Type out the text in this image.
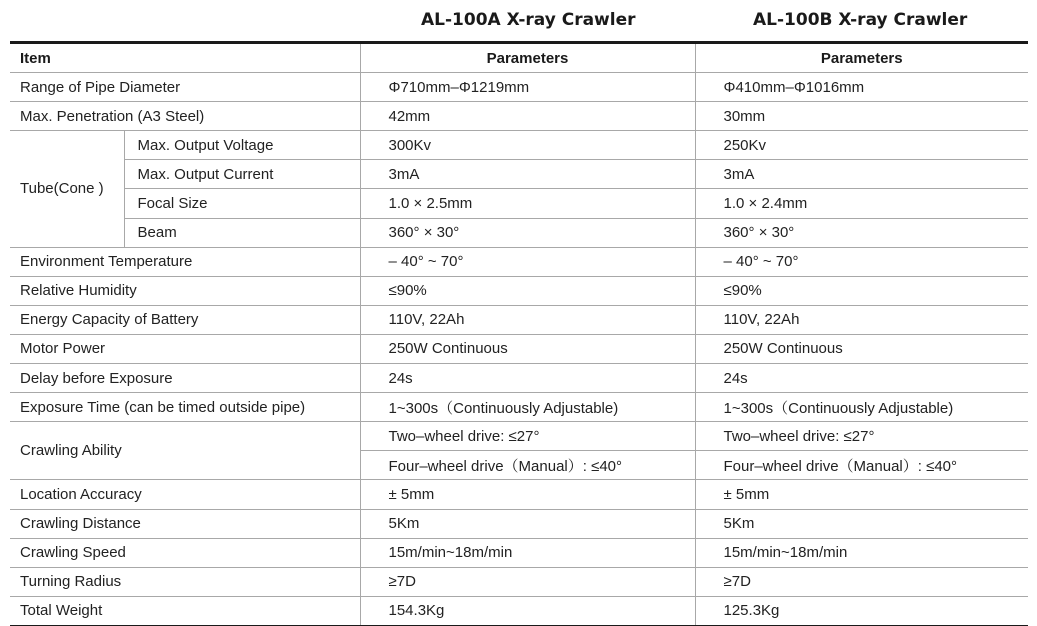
AL-100A X-ray Crawler	AL-100B X-ray Crawler
Item		Parameters	Parameters
Range of Pipe Diameter		Φ710mm–Φ1219mm	Φ410mm–Φ1016mm
Max. Penetration (A3 Steel)		42mm	30mm
Tube(Cone )	Max. Output Voltage	300Kv	250Kv
	Max. Output Current	3mA	3mA
	Focal Size	1.0 × 2.5mm	1.0 × 2.4mm
	Beam	360° × 30°	360° × 30°
Environment Temperature		– 40° ~ 70°	– 40° ~ 70°
Relative Humidity		≤90%	≤90%
Energy Capacity of Battery		110V, 22Ah	110V, 22Ah
Motor Power		250W Continuous	250W Continuous
Delay before Exposure		24s	24s
Exposure Time (can be timed outside pipe)		1~300s（Continuously Adjustable)	1~300s（Continuously Adjustable)
Crawling Ability		Two–wheel drive: ≤27°	Two–wheel drive: ≤27°
		Four–wheel drive（Manual）: ≤40°	Four–wheel drive（Manual）: ≤40°
Location Accuracy		± 5mm	± 5mm
Crawling Distance		5Km	5Km
Crawling Speed		15m/min~18m/min	15m/min~18m/min
Turning Radius		≥7D	≥7D
Total Weight		154.3Kg	125.3Kg
